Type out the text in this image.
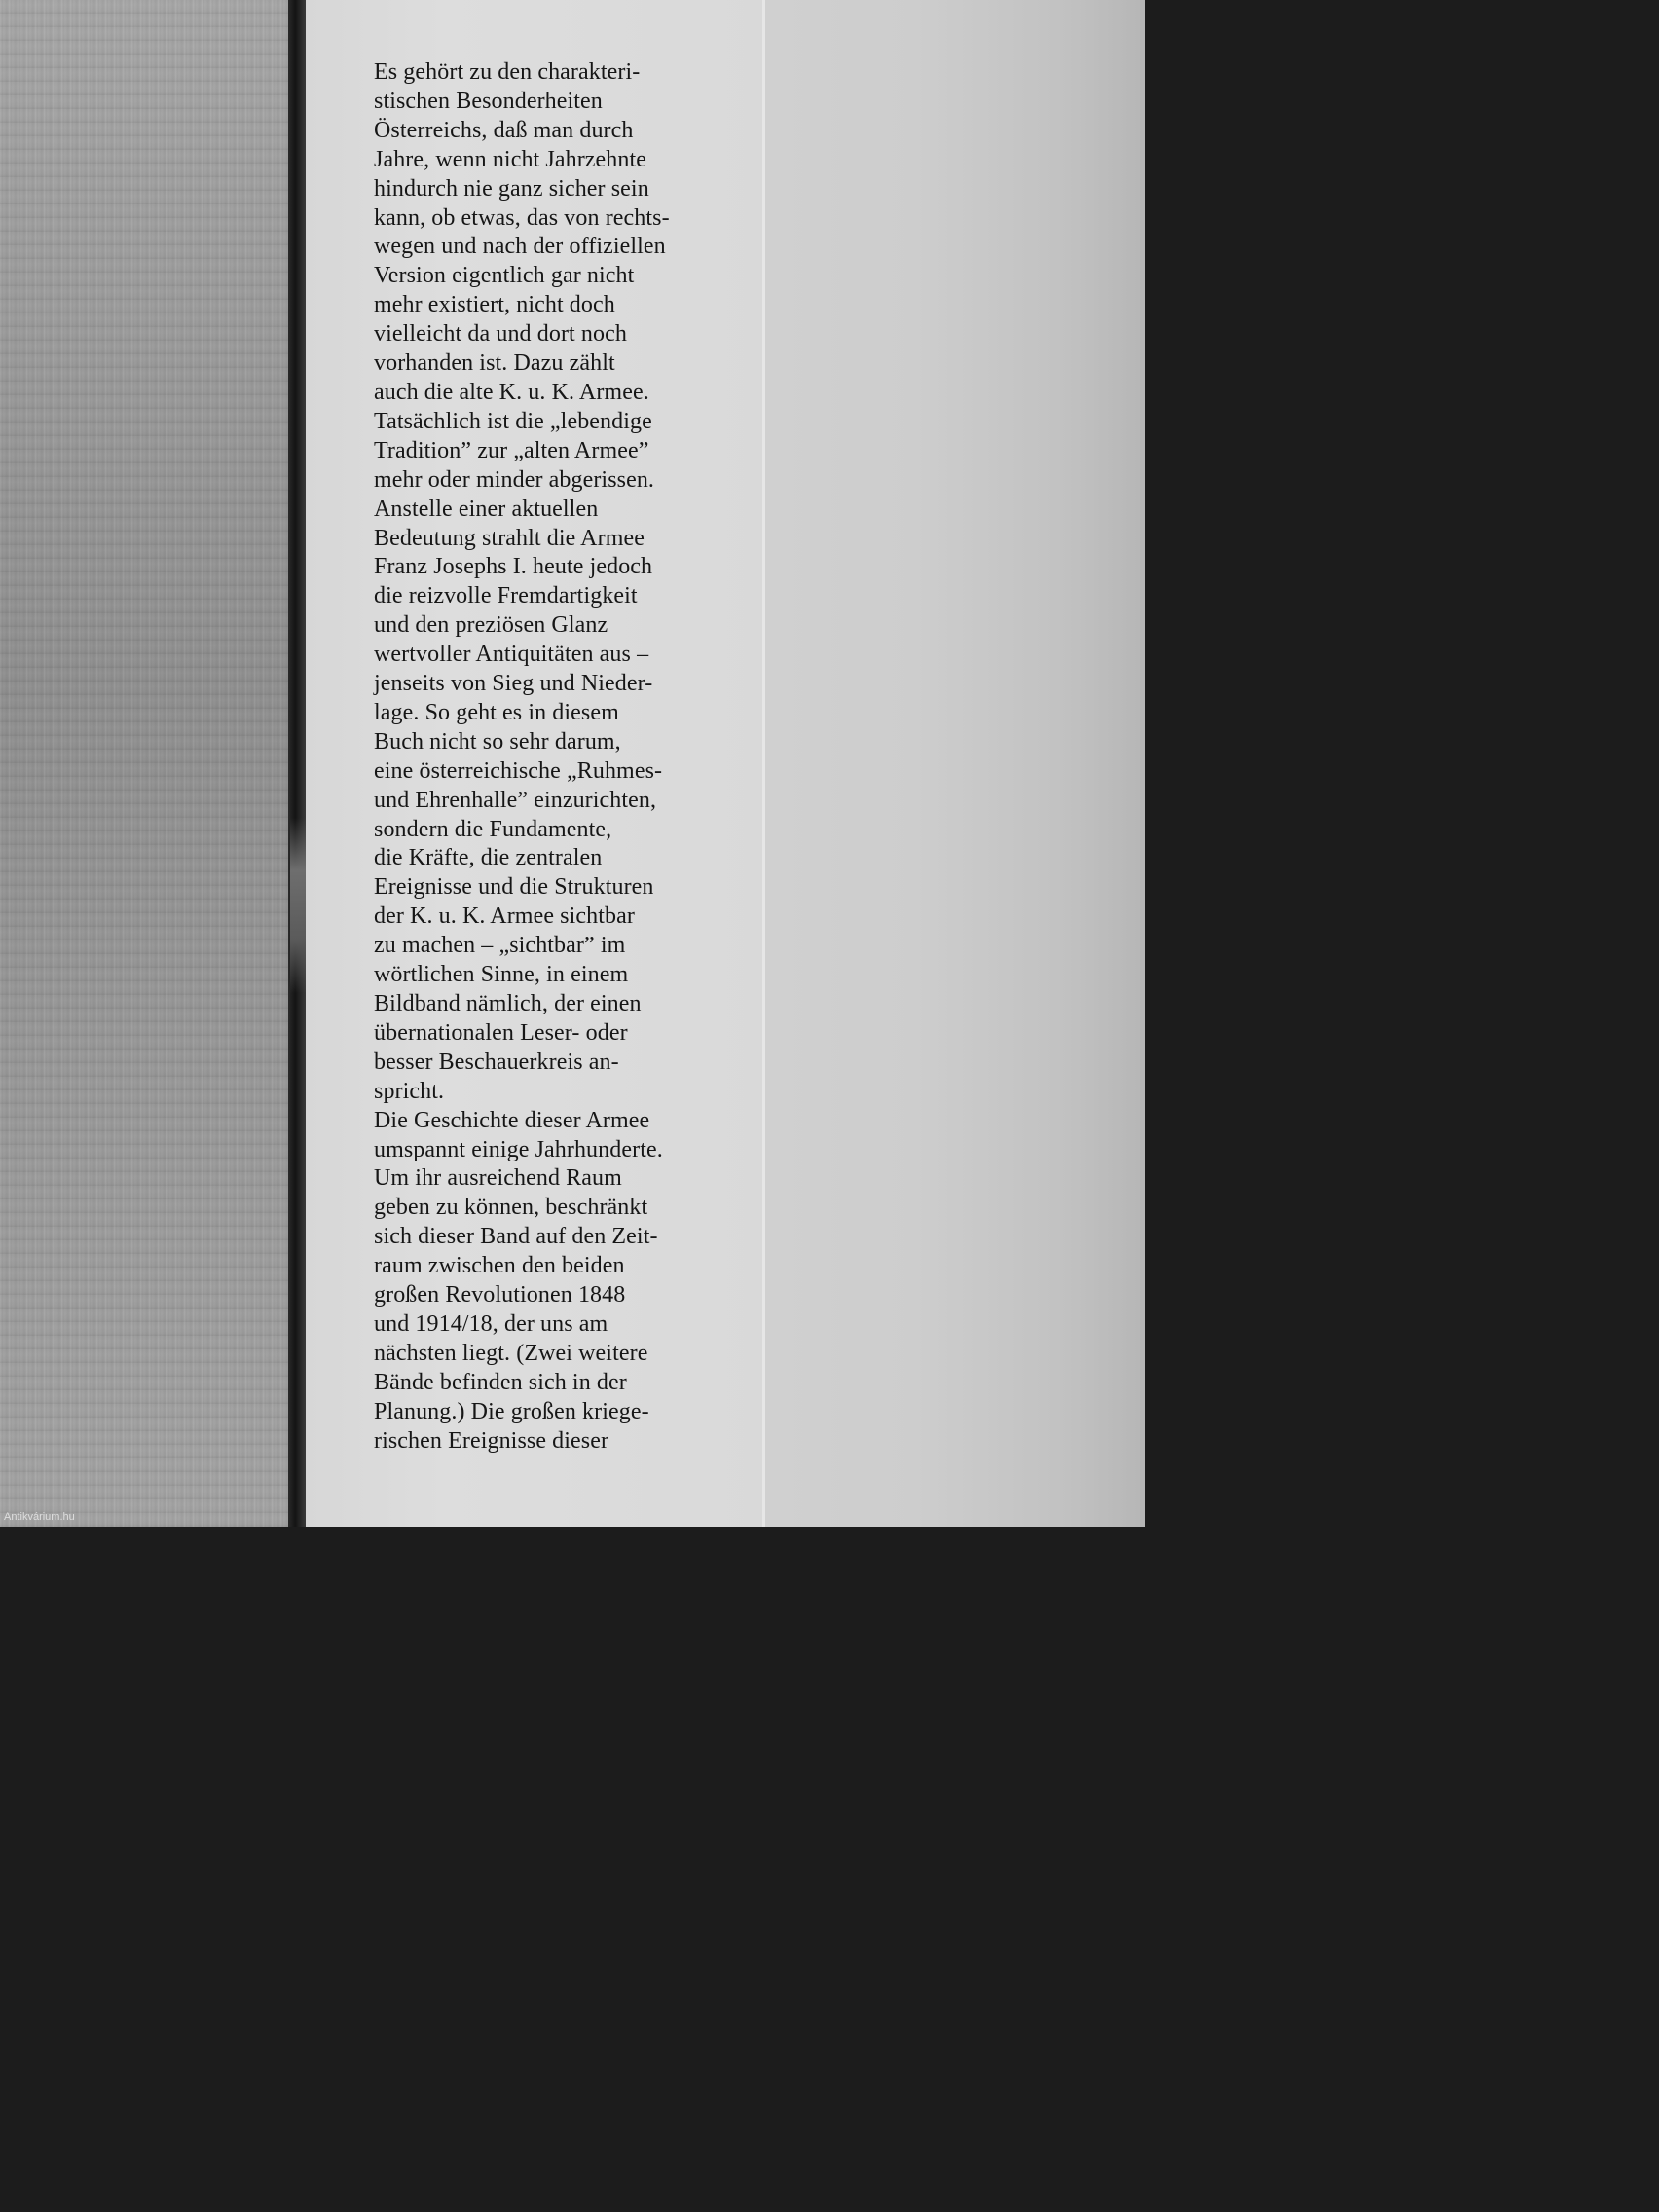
Es gehört zu den charakteri-
stischen Besonderheiten
Österreichs, daß man durch
Jahre, wenn nicht Jahrzehnte
hindurch nie ganz sicher sein
kann, ob etwas, das von rechts-
wegen und nach der offiziellen
Version eigentlich gar nicht
mehr existiert, nicht doch
vielleicht da und dort noch
vorhanden ist. Dazu zählt
auch die alte K. u. K. Armee.
Tatsächlich ist die „lebendige
Tradition” zur „alten Armee”
mehr oder minder abgerissen.
Anstelle einer aktuellen
Bedeutung strahlt die Armee
Franz Josephs I. heute jedoch
die reizvolle Fremdartigkeit
und den preziösen Glanz
wertvoller Antiquitäten aus –
jenseits von Sieg und Nieder-
lage. So geht es in diesem
Buch nicht so sehr darum,
eine österreichische „Ruhmes-
und Ehrenhalle” einzurichten,
sondern die Fundamente,
die Kräfte, die zentralen
Ereignisse und die Strukturen
der K. u. K. Armee sichtbar
zu machen – „sichtbar” im
wörtlichen Sinne, in einem
Bildband nämlich, der einen
übernationalen Leser- oder
besser Beschauerkreis an-
spricht.
Die Geschichte dieser Armee
umspannt einige Jahrhunderte.
Um ihr ausreichend Raum
geben zu können, beschränkt
sich dieser Band auf den Zeit-
raum zwischen den beiden
großen Revolutionen 1848
und 1914/18, der uns am
nächsten liegt. (Zwei weitere
Bände befinden sich in der
Planung.) Die großen kriege-
rischen Ereignisse dieser
Antikvárium.hu
